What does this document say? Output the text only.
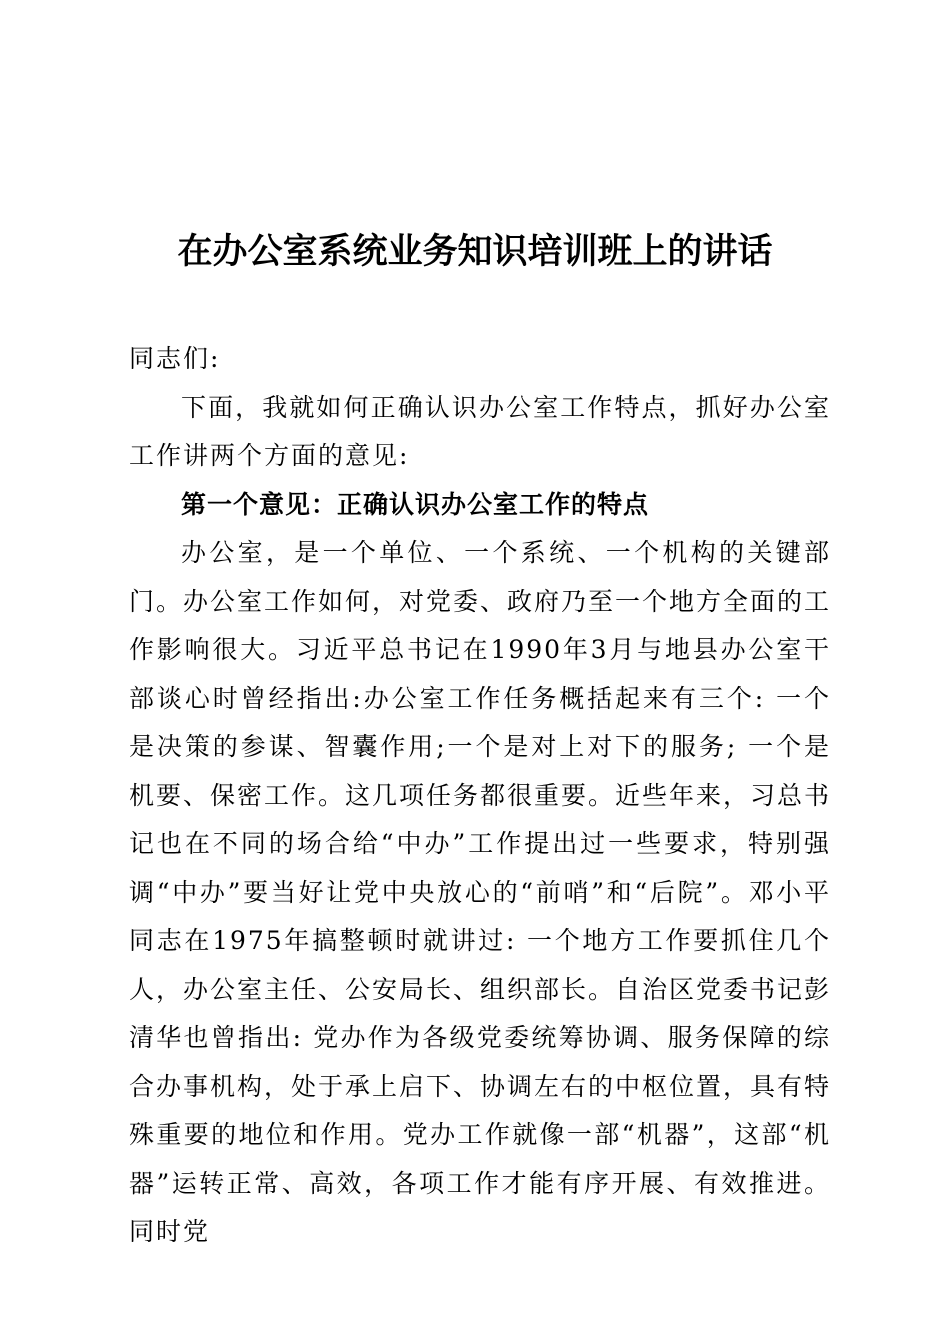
在办公室系统业务知识培训班上的讲话

同志们:

下面，我就如何正确认识办公室工作特点，抓好办公室工作讲两个方面的意见:

第一个意见：正确认识办公室工作的特点

办公室，是一个单位、一个系统、一个机构的关键部门。办公室工作如何，对党委、政府乃至一个地方全面的工作影响很大。习近平总书记在1990年3月与地县办公室干部谈心时曾经指出:办公室工作任务概括起来有三个: 一个是决策的参谋、智囊作用;一个是对上对下的服务; 一个是机要、保密工作。这几项任务都很重要。近些年来，习总书记也在不同的场合给“中办”工作提出过一些要求，特别强调“中办”要当好让党中央放心的“前哨”和“后院”。邓小平同志在1975年搞整顿时就讲过: 一个地方工作要抓住几个人，办公室主任、公安局长、组织部长。自治区党委书记彭清华也曾指出: 党办作为各级党委统筹协调、服务保障的综合办事机构，处于承上启下、协调左右的中枢位置，具有特殊重要的地位和作用。党办工作就像一部“机器”，这部“机器”运转正常、高效，各项工作才能有序开展、有效推进。同时党
